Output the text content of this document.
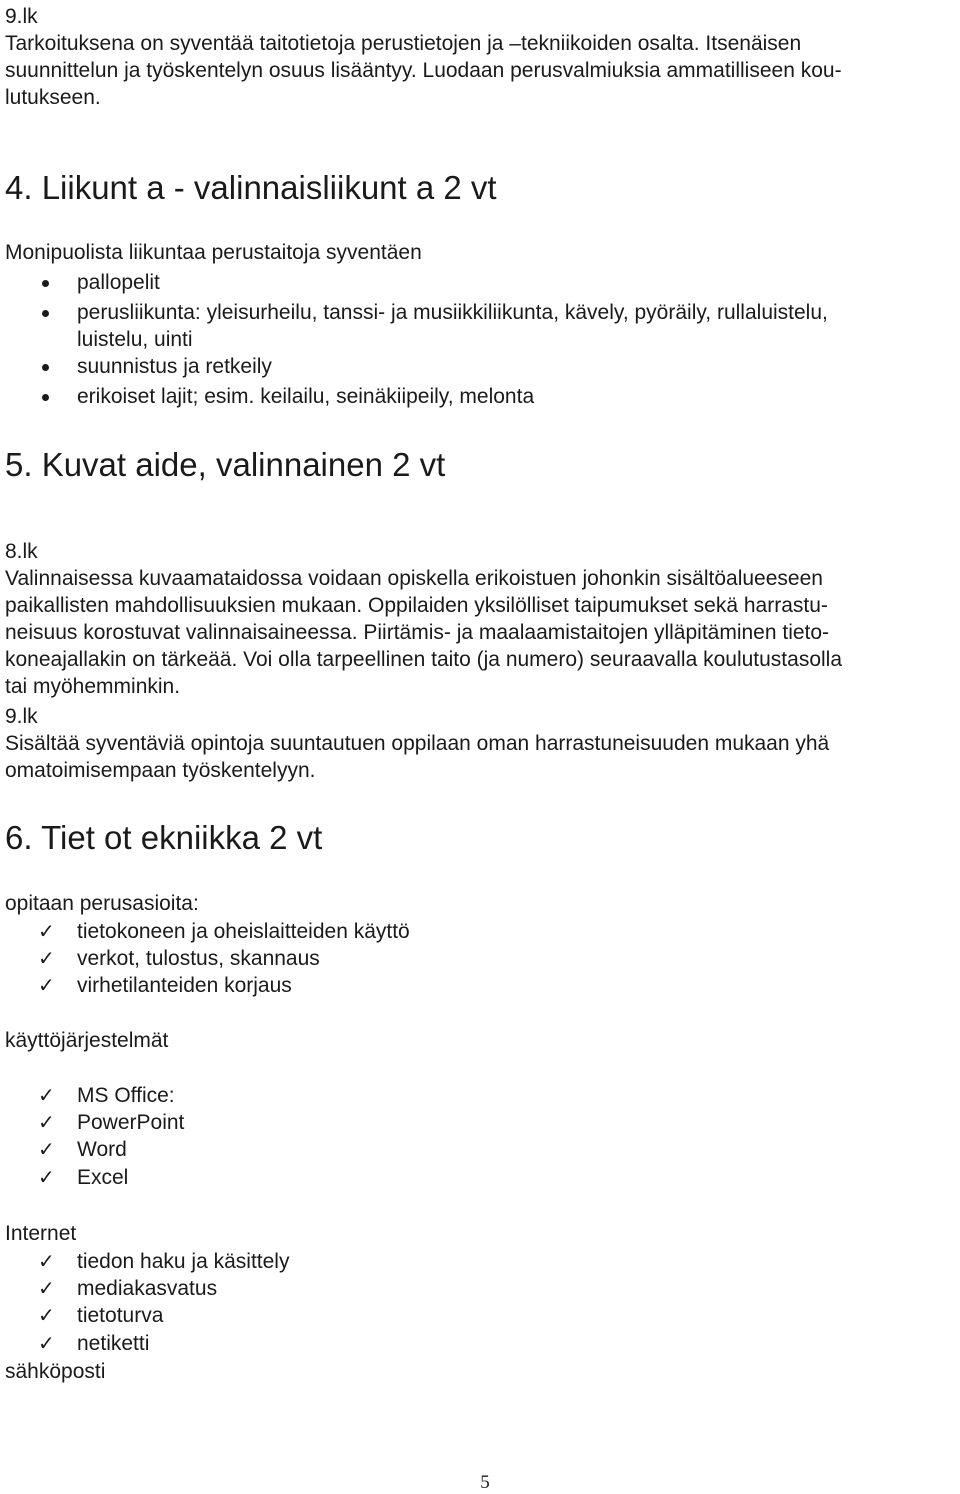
9.lk

Tarkoituksena on syventää taitotietoja perustietojen ja –tekniikoiden osalta. Itsenäisen

suunnittelun ja työskentelyn osuus lisääntyy. Luodaan perusvalmiuksia ammatilliseen kou-

lutukseen.

4. Liikunt a - valinnaisliikunt a 2 vt

Monipuolista liikuntaa perustaitoja syventäen

pallopelit
perusliikunta: yleisurheilu, tanssi- ja musiikkiliikunta, kävely, pyöräily, rullaluistelu,
luistelu, uinti
suunnistus ja retkeily
erikoiset lajit; esim. keilailu, seinäkiipeily, melonta
5. Kuvat aide, valinnainen 2 vt

8.lk

Valinnaisessa kuvaamataidossa voidaan opiskella erikoistuen johonkin sisältöalueeseen

paikallisten mahdollisuuksien mukaan. Oppilaiden yksilölliset taipumukset sekä harrastu-

neisuus korostuvat valinnaisaineessa. Piirtämis- ja maalaamistaitojen ylläpitäminen tieto-

koneajallakin on tärkeää. Voi olla tarpeellinen taito (ja numero) seuraavalla koulutustasolla

tai myöhemminkin.

9.lk

Sisältää syventäviä opintoja suuntautuen oppilaan oman harrastuneisuuden mukaan yhä

omatoimisempaan työskentelyyn.

6. Tiet ot ekniikka 2 vt

opitaan perusasioita:

✓ tietokoneen ja oheislaitteiden käyttö
✓ verkot, tulostus, skannaus
✓ virhetilanteiden korjaus

käyttöjärjestelmät

✓ MS Office:
✓ PowerPoint
✓ Word
✓ Excel

Internet

✓ tiedon haku ja käsittely
✓ mediakasvatus
✓ tietoturva
✓ netiketti

sähköposti

5
